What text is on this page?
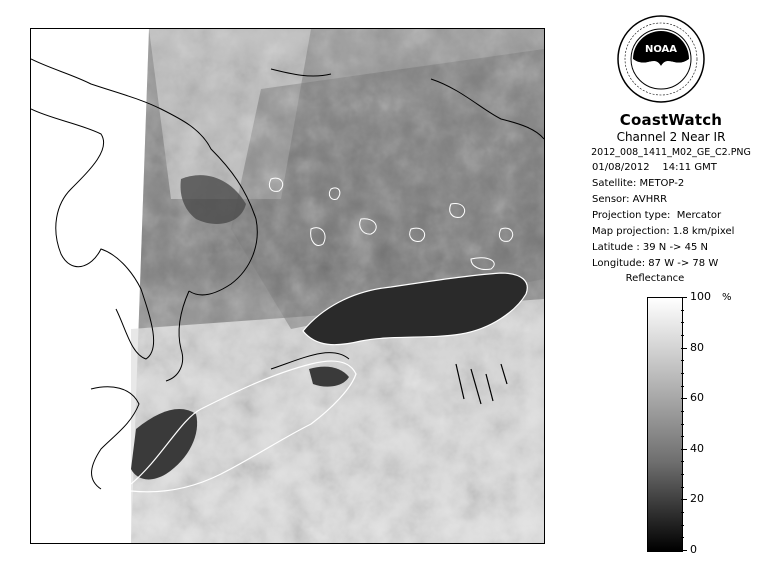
NOAA
CoastWatch
Channel 2 Near IR
2012_008_1411_M02_GE_C2.PNG
01/08/2012    14:11 GMT
Satellite: METOP-2
Sensor: AVHRR
Projection type:  Mercator
Map projection: 1.8 km/pixel
Latitude : 39 N -> 45 N
Longitude: 87 W -> 78 W
Reflectance
%
100
80
60
40
20
0
